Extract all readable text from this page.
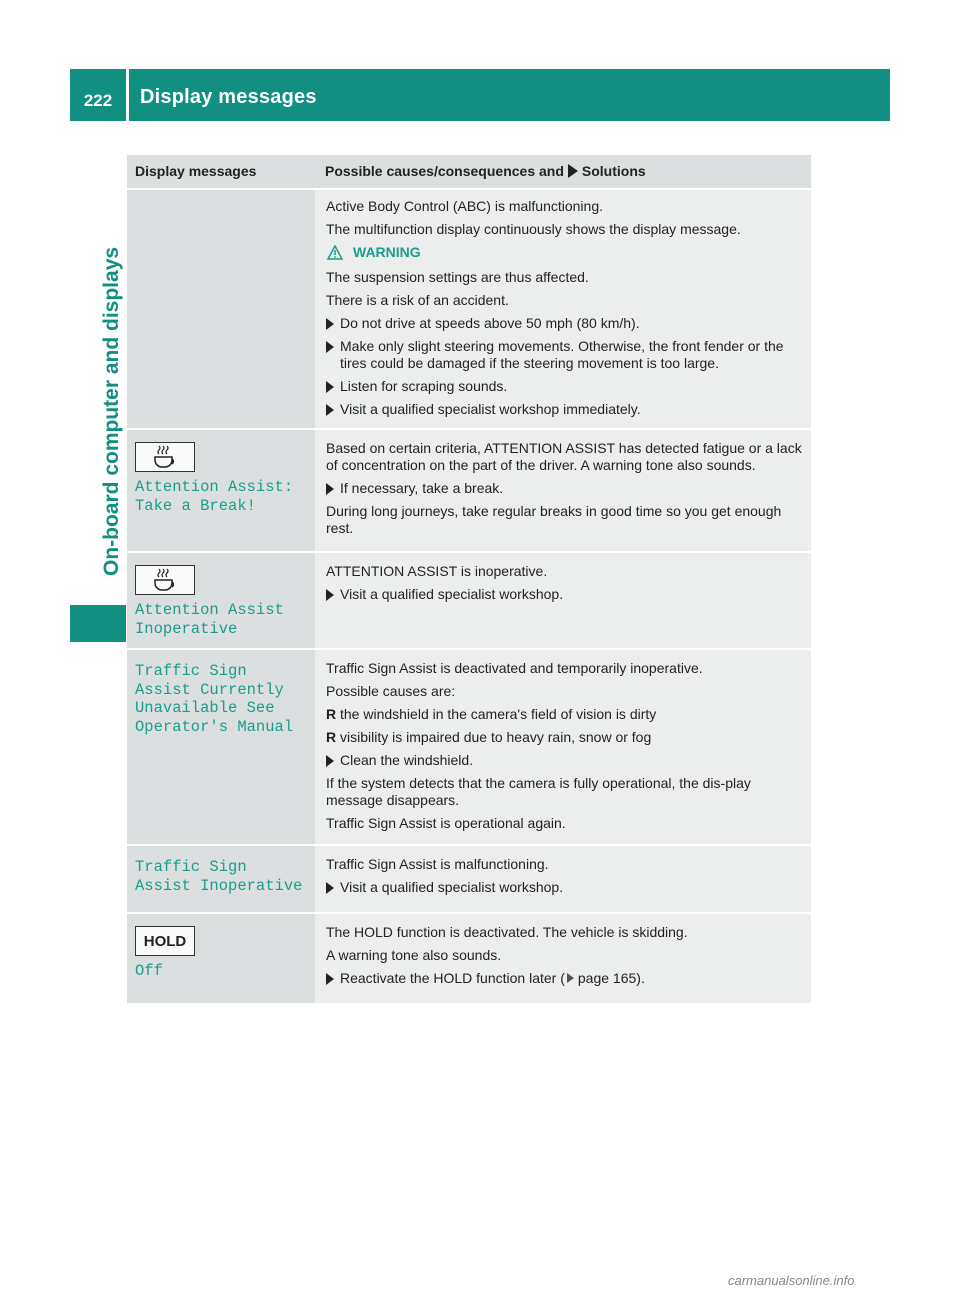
222	Display messages
On-board computer and displays
Display messages	Possible causes/consequences and Solutions
Active Body Control (ABC) is malfunctioning.
The multifunction display continuously shows the display message.
WARNING
The suspension settings are thus affected.
There is a risk of an accident.
Do not drive at speeds above 50 mph (80 km/h).
Make only slight steering movements. Otherwise, the front fender or the tires could be damaged if the steering movement is too large.
Listen for scraping sounds.
Visit a qualified specialist workshop immediately.
Attention Assist:
Take a Break!
Based on certain criteria, ATTENTION ASSIST has detected fatigue or a lack of concentration on the part of the driver. A warning tone also sounds.
If necessary, take a break.
During long journeys, take regular breaks in good time so you get enough rest.
Attention Assist
Inoperative
ATTENTION ASSIST is inoperative.
Visit a qualified specialist workshop.
Traffic Sign
Assist Currently
Unavailable See
Operator's Manual
Traffic Sign Assist is deactivated and temporarily inoperative.
Possible causes are:
R the windshield in the camera's field of vision is dirty
R visibility is impaired due to heavy rain, snow or fog
Clean the windshield.
If the system detects that the camera is fully operational, the dis-play message disappears.
Traffic Sign Assist is operational again.
Traffic Sign
Assist Inoperative
Traffic Sign Assist is malfunctioning.
Visit a qualified specialist workshop.
HOLD
Off
The HOLD function is deactivated. The vehicle is skidding.
A warning tone also sounds.
Reactivate the HOLD function later ( page 165).
carmanualsonline.info
